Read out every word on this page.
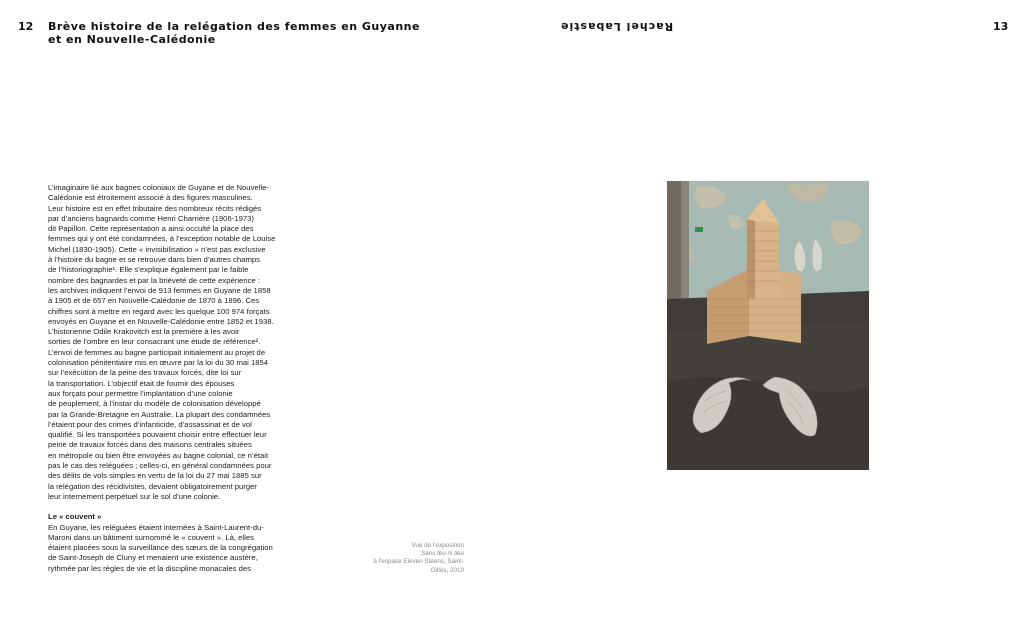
12 Brève histoire de la relégation des femmes en Guyanne
et en Nouvelle-Calédonie
Rachel Labastie	13
L’imaginaire lié aux bagnes coloniaux de Guyane et de Nouvelle-
Calédonie est étroitement associé à des figures masculines.
Leur histoire est en effet tributaire des nombreux récits rédigés
par d’anciens bagnards comme Henri Charrière (1906-1973)
dit Papillon. Cette représentation a ainsi occulté la place des
femmes qui y ont été condamnées, à l’exception notable de Louise
Michel (1830-1905). Cette « invisibilisation » n’est pas exclusive
à l’histoire du bagne et se retrouve dans bien d’autres champs
de l’historiographie¹. Elle s’explique également par le faible
nombre des bagnardes et par la brièveté de cette expérience :
les archives indiquent l’envoi de 913 femmes en Guyane de 1858
à 1905 et de 657 en Nouvelle-Calédonie de 1870 à 1896. Ces
chiffres sont à mettre en regard avec les quelque 100 974 forçats
envoyés en Guyane et en Nouvelle-Calédonie entre 1852 et 1938.
L’historienne Odile Krakovitch est la première à les avoir
sorties de l’ombre en leur consacrant une étude de référence².
L’envoi de femmes au bagne participait initialement au projet de
colonisation pénitentiaire mis en œuvre par la loi du 30 mai 1854
sur l’exécution de la peine des travaux forcés, dite loi sur
la transportation. L’objectif était de fournir des épouses
aux forçats pour permettre l’implantation d’une colonie
de peuplement, à l’instar du modèle de colonisation développé
par la Grande-Bretagne en Australie. La plupart des condamnées
l’étaient pour des crimes d’infanticide, d’assassinat et de vol
qualifié. Si les transportées pouvaient choisir entre effectuer leur
peine de travaux forcés dans des maisons centrales situées
en métropole ou bien être envoyées au bagne colonial, ce n’était
pas le cas des reléguées ; celles-ci, en général condamnées pour
des délits de vols simples en vertu de la loi du 27 mai 1885 sur
la relégation des récidivistes, devaient obligatoirement purger
leur internement perpétuel sur le sol d’une colonie.
Le « couvent »
En Guyane, les reléguées étaient internées à Saint-Laurent-du-
Maroni dans un bâtiment surnommé le « couvent ». Là, elles
étaient placées sous la surveillance des sœurs de la congrégation
de Saint-Joseph de Cluny et menaient une existence austère,
rythmée par les règles de vie et la discipline monacales des
Vue de l’exposition
Sans feu ni lieu
à l’espace Eleven Steens, Saint-
Gilles, 2019
